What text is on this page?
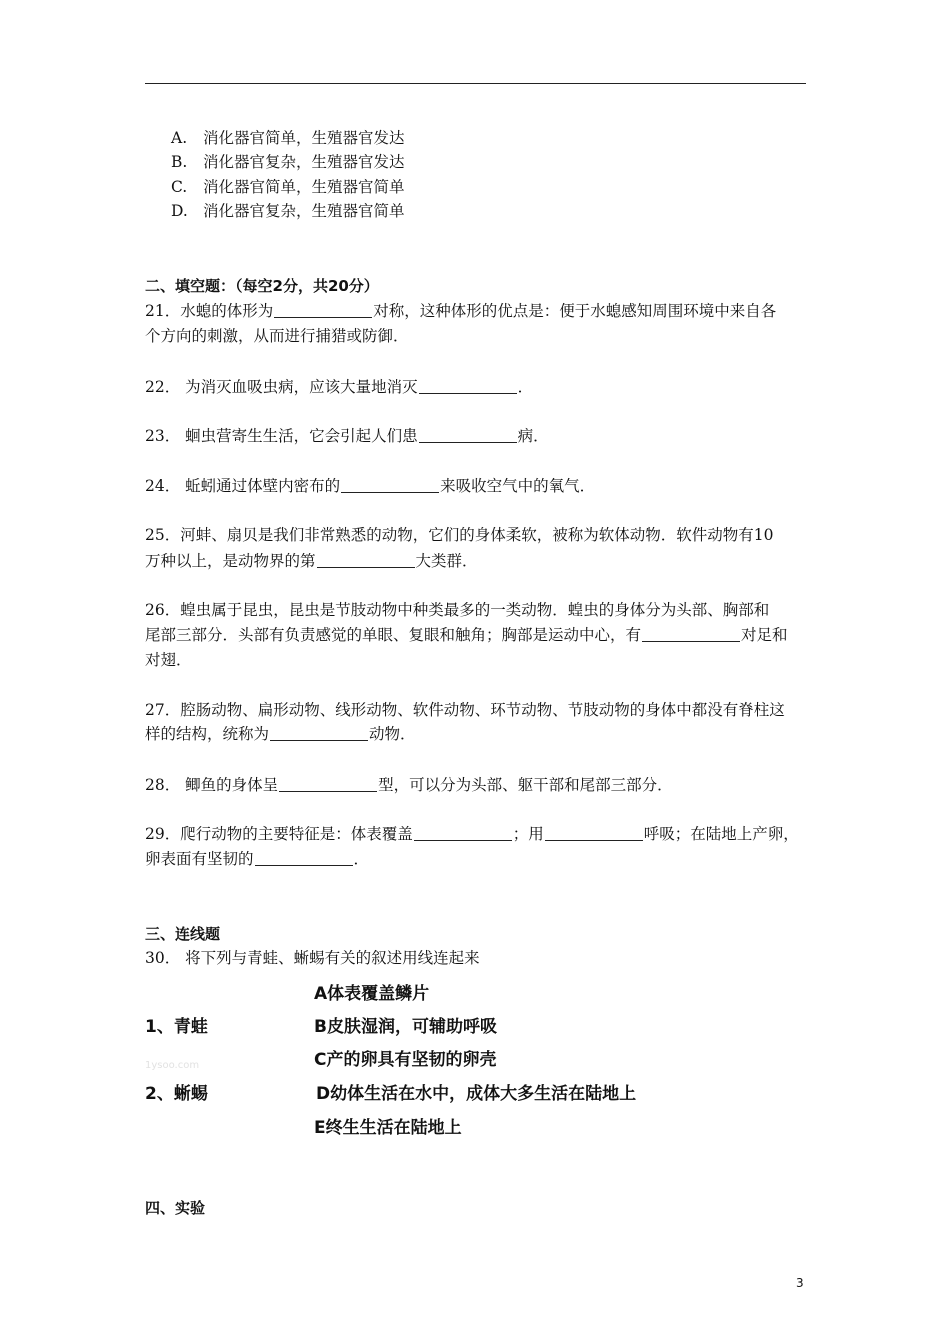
A. 消化器官简单，生殖器官发达
B. 消化器官复杂，生殖器官发达
C. 消化器官简单，生殖器官简单
D. 消化器官复杂，生殖器官简单
二、填空题：（每空2分，共20分）
21．水螅的体形为	对称，这种体形的优点是：便于水螅感知周围环境中来自各
个方向的刺激，从而进行捕猎或防御．
22． 为消灭血吸虫病，应该大量地消灭	．
23． 蛔虫营寄生生活，它会引起人们患	病．
24． 蚯蚓通过体壁内密布的	来吸收空气中的氧气．
25．河蚌、扇贝是我们非常熟悉的动物，它们的身体柔软，被称为软体动物．软件动物有10
万种以上，是动物界的第	大类群．
26．蝗虫属于昆虫，昆虫是节肢动物中种类最多的一类动物．蝗虫的身体分为头部、胸部和
尾部三部分．头部有负责感觉的单眼、复眼和触角；胸部是运动中心，有	对足和
对翅．
27．腔肠动物、扁形动物、线形动物、软件动物、环节动物、节肢动物的身体中都没有脊柱这
样的结构，统称为	动物．
28． 鲫鱼的身体呈	型，可以分为头部、躯干部和尾部三部分．
29．爬行动物的主要特征是：体表覆盖	；用	呼吸；在陆地上产卵，
卵表面有坚韧的	．
三、连线题
30． 将下列与青蛙、蜥蜴有关的叙述用线连起来
A体表覆盖鳞片
1、青蛙	B皮肤湿润，可辅助呼吸
C产的卵具有坚韧的卵壳
1ysoo.com
2、蜥蜴	D幼体生活在水中，成体大多生活在陆地上
E终生生活在陆地上
四、实验
3
